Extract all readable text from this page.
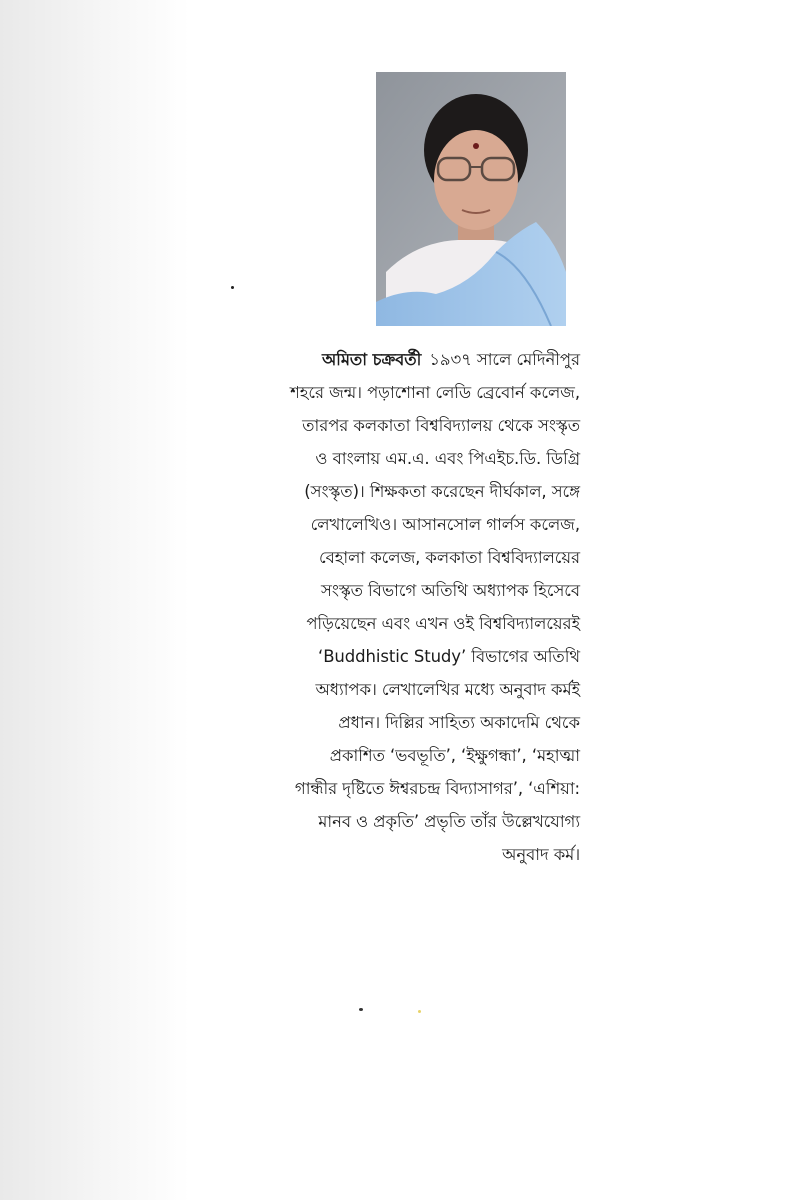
অমিতা চক্রবর্তী ১৯৩৭ সালে মেদিনীপুর
শহরে জন্ম। পড়াশোনা লেডি ব্রেবোর্ন কলেজ,
তারপর কলকাতা বিশ্ববিদ্যালয় থেকে সংস্কৃত
ও বাংলায় এম.এ. এবং পিএইচ.ডি. ডিগ্রি
(সংস্কৃত)। শিক্ষকতা করেছেন দীর্ঘকাল, সঙ্গে
লেখালেখিও। আসানসোল গার্লস কলেজ,
বেহালা কলেজ, কলকাতা বিশ্ববিদ্যালয়ের
সংস্কৃত বিভাগে অতিথি অধ্যাপক হিসেবে
পড়িয়েছেন এবং এখন ওই বিশ্ববিদ্যালয়েরই
‘Buddhistic Study’ বিভাগের অতিথি
অধ্যাপক। লেখালেখির মধ্যে অনুবাদ কর্মই
প্রধান। দিল্লির সাহিত্য অকাদেমি থেকে
প্রকাশিত ‘ভবভূতি’, ‘ইক্ষুগন্ধা’, ‘মহাত্মা
গান্ধীর দৃষ্টিতে ঈশ্বরচন্দ্র বিদ্যাসাগর’, ‘এশিয়া:
মানব ও প্রকৃতি’ প্রভৃতি তাঁর উল্লেখযোগ্য
অনুবাদ কর্ম।
